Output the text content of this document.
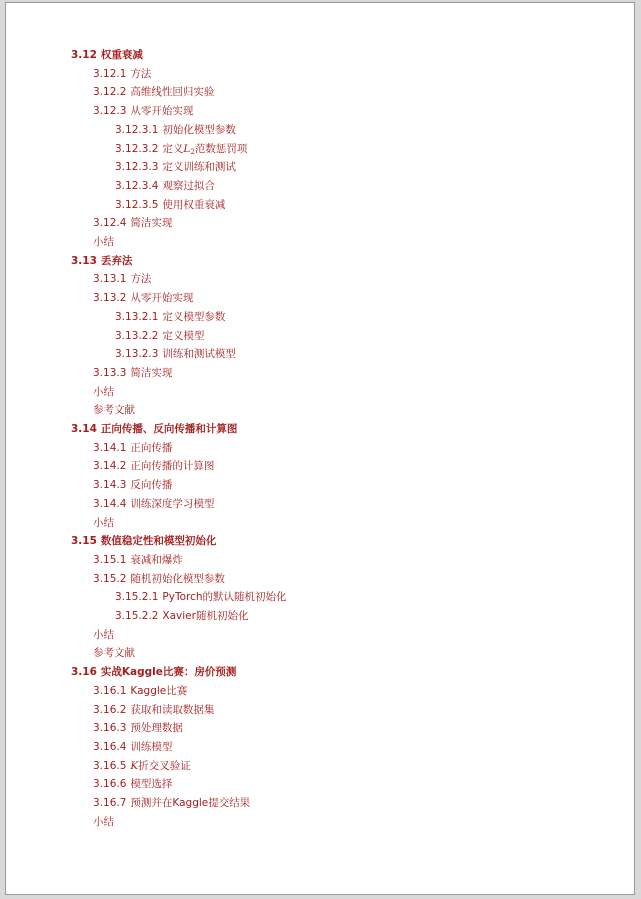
3.12 权重衰减
3.12.1 方法
3.12.2 高维线性回归实验
3.12.3 从零开始实现
3.12.3.1 初始化模型参数
3.12.3.2 定义$L_2$范数惩罚项
3.12.3.3 定义训练和测试
3.12.3.4 观察过拟合
3.12.3.5 使用权重衰减
3.12.4 简洁实现
小结
3.13 丢弃法
3.13.1 方法
3.13.2 从零开始实现
3.13.2.1 定义模型参数
3.13.2.2 定义模型
3.13.2.3 训练和测试模型
3.13.3 简洁实现
小结
参考文献
3.14 正向传播、反向传播和计算图
3.14.1 正向传播
3.14.2 正向传播的计算图
3.14.3 反向传播
3.14.4 训练深度学习模型
小结
3.15 数值稳定性和模型初始化
3.15.1 衰减和爆炸
3.15.2 随机初始化模型参数
3.15.2.1 PyTorch的默认随机初始化
3.15.2.2 Xavier随机初始化
小结
参考文献
3.16 实战Kaggle比赛：房价预测
3.16.1 Kaggle比赛
3.16.2 获取和读取数据集
3.16.3 预处理数据
3.16.4 训练模型
3.16.5 K折交叉验证
3.16.6 模型选择
3.16.7 预测并在Kaggle提交结果
小结
